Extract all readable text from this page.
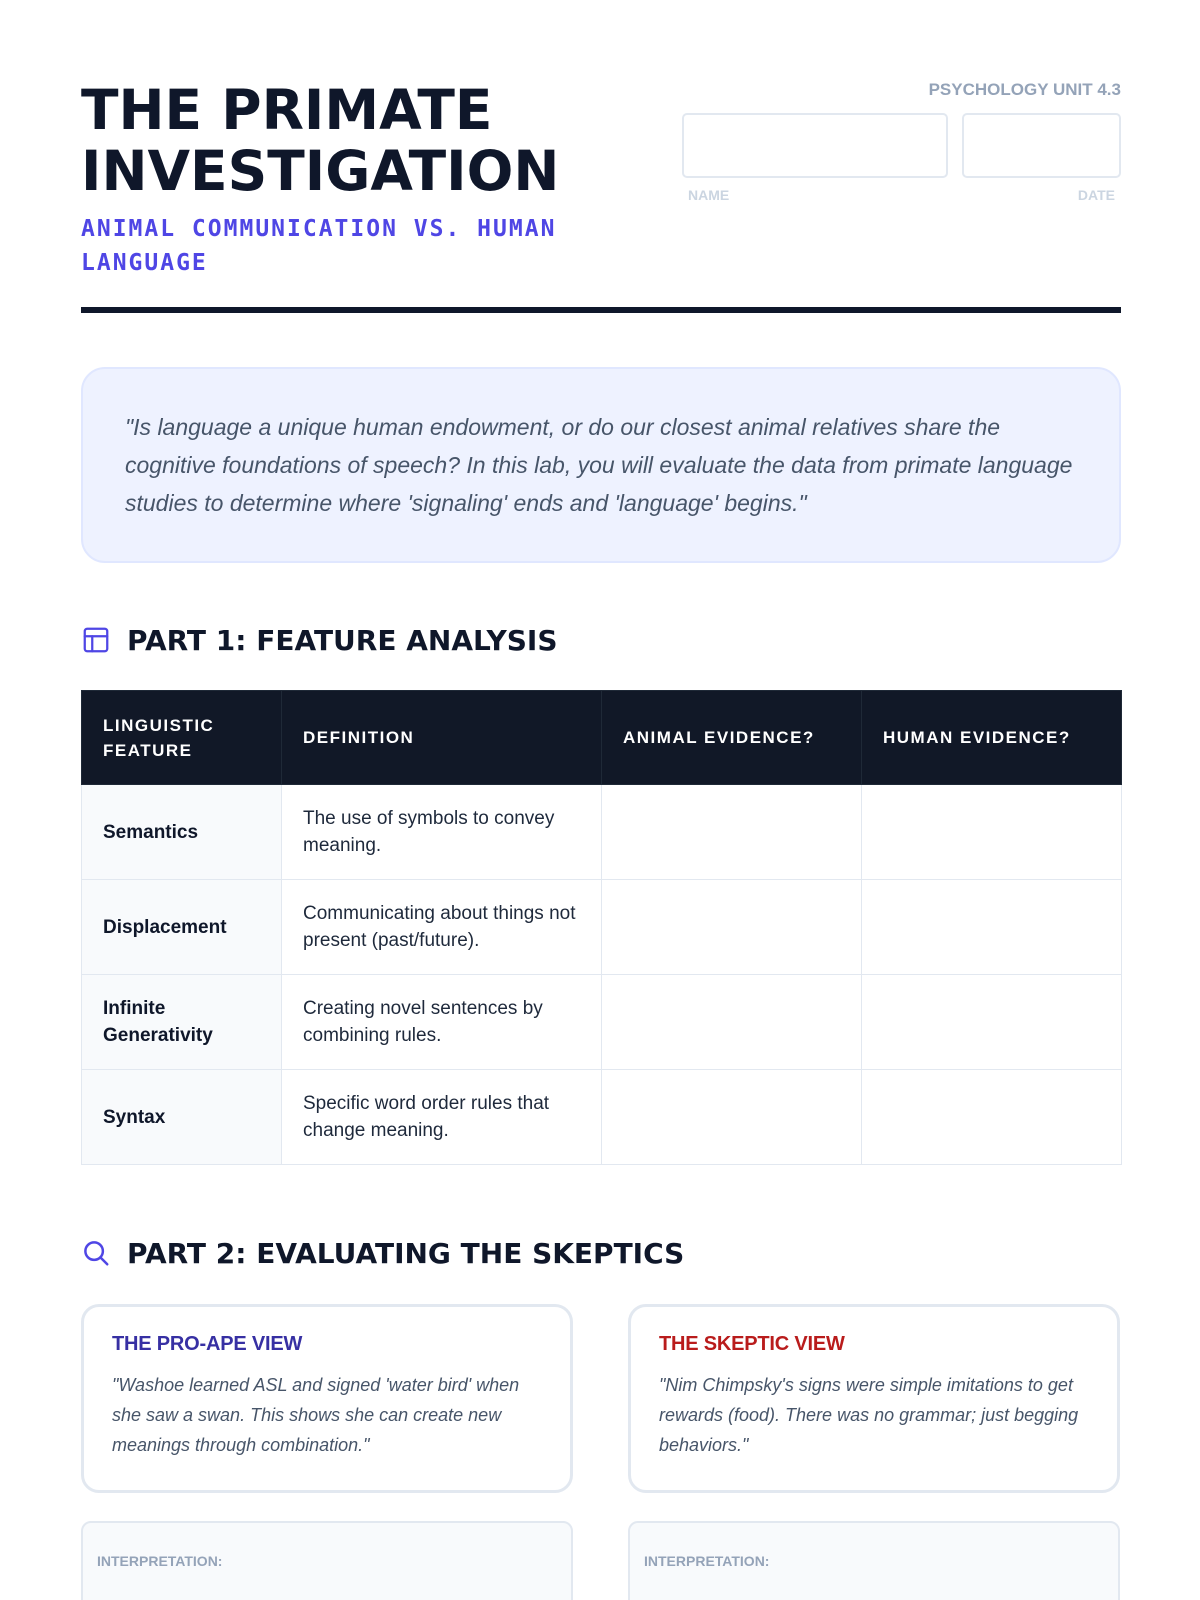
THE PRIMATE INVESTIGATION
ANIMAL COMMUNICATION VS. HUMAN LANGUAGE
PSYCHOLOGY UNIT 4.3
NAME	DATE

"Is language a unique human endowment, or do our closest animal relatives share the cognitive foundations of speech? In this lab, you will evaluate the data from primate language studies to determine where 'signaling' ends and 'language' begins."

PART 1: FEATURE ANALYSIS
LINGUISTIC FEATURE	DEFINITION	ANIMAL EVIDENCE?	HUMAN EVIDENCE?
Semantics	The use of symbols to convey meaning.		
Displacement	Communicating about things not present (past/future).		
Infinite Generativity	Creating novel sentences by combining rules.		
Syntax	Specific word order rules that change meaning.		
PART 2: EVALUATING THE SKEPTICS
THE PRO-APE VIEW

"Washoe learned ASL and signed 'water bird' when she saw a swan. This shows she can create new meanings through combination."

THE SKEPTIC VIEW

"Nim Chimpsky's signs were simple imitations to get rewards (food). There was no grammar; just begging behaviors."

INTERPRETATION:	INTERPRETATION:
